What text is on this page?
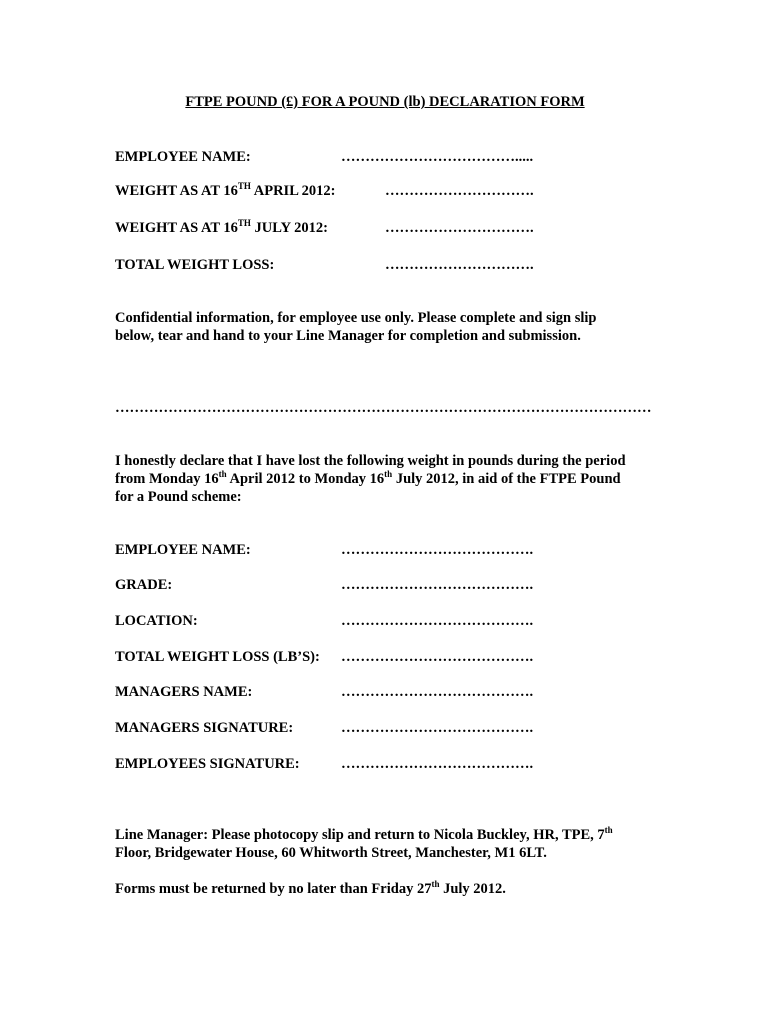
FTPE POUND (£) FOR A POUND (lb) DECLARATION FORM
EMPLOYEE NAME:	……………………………….....
WEIGHT AS AT 16TH APRIL 2012:	………………………….
WEIGHT AS AT 16TH JULY 2012:	………………………….
TOTAL WEIGHT LOSS:	………………………….
Confidential information, for employee use only. Please complete and sign slip
below, tear and hand to your Line Manager for completion and submission.
…………………………………………………………………………………………………
I honestly declare that I have lost the following weight in pounds during the period
from Monday 16th April 2012 to Monday 16th July 2012, in aid of the FTPE Pound
for a Pound scheme:
EMPLOYEE NAME:	………………………………….
GRADE:	………………………………….
LOCATION:	………………………………….
TOTAL WEIGHT LOSS (LB’S): ………………………………….
MANAGERS NAME:	………………………………….
MANAGERS SIGNATURE:	………………………………….
EMPLOYEES SIGNATURE:	………………………………….
Line Manager: Please photocopy slip and return to Nicola Buckley, HR, TPE, 7th
Floor, Bridgewater House, 60 Whitworth Street, Manchester, M1 6LT.
Forms must be returned by no later than Friday 27th July 2012.
